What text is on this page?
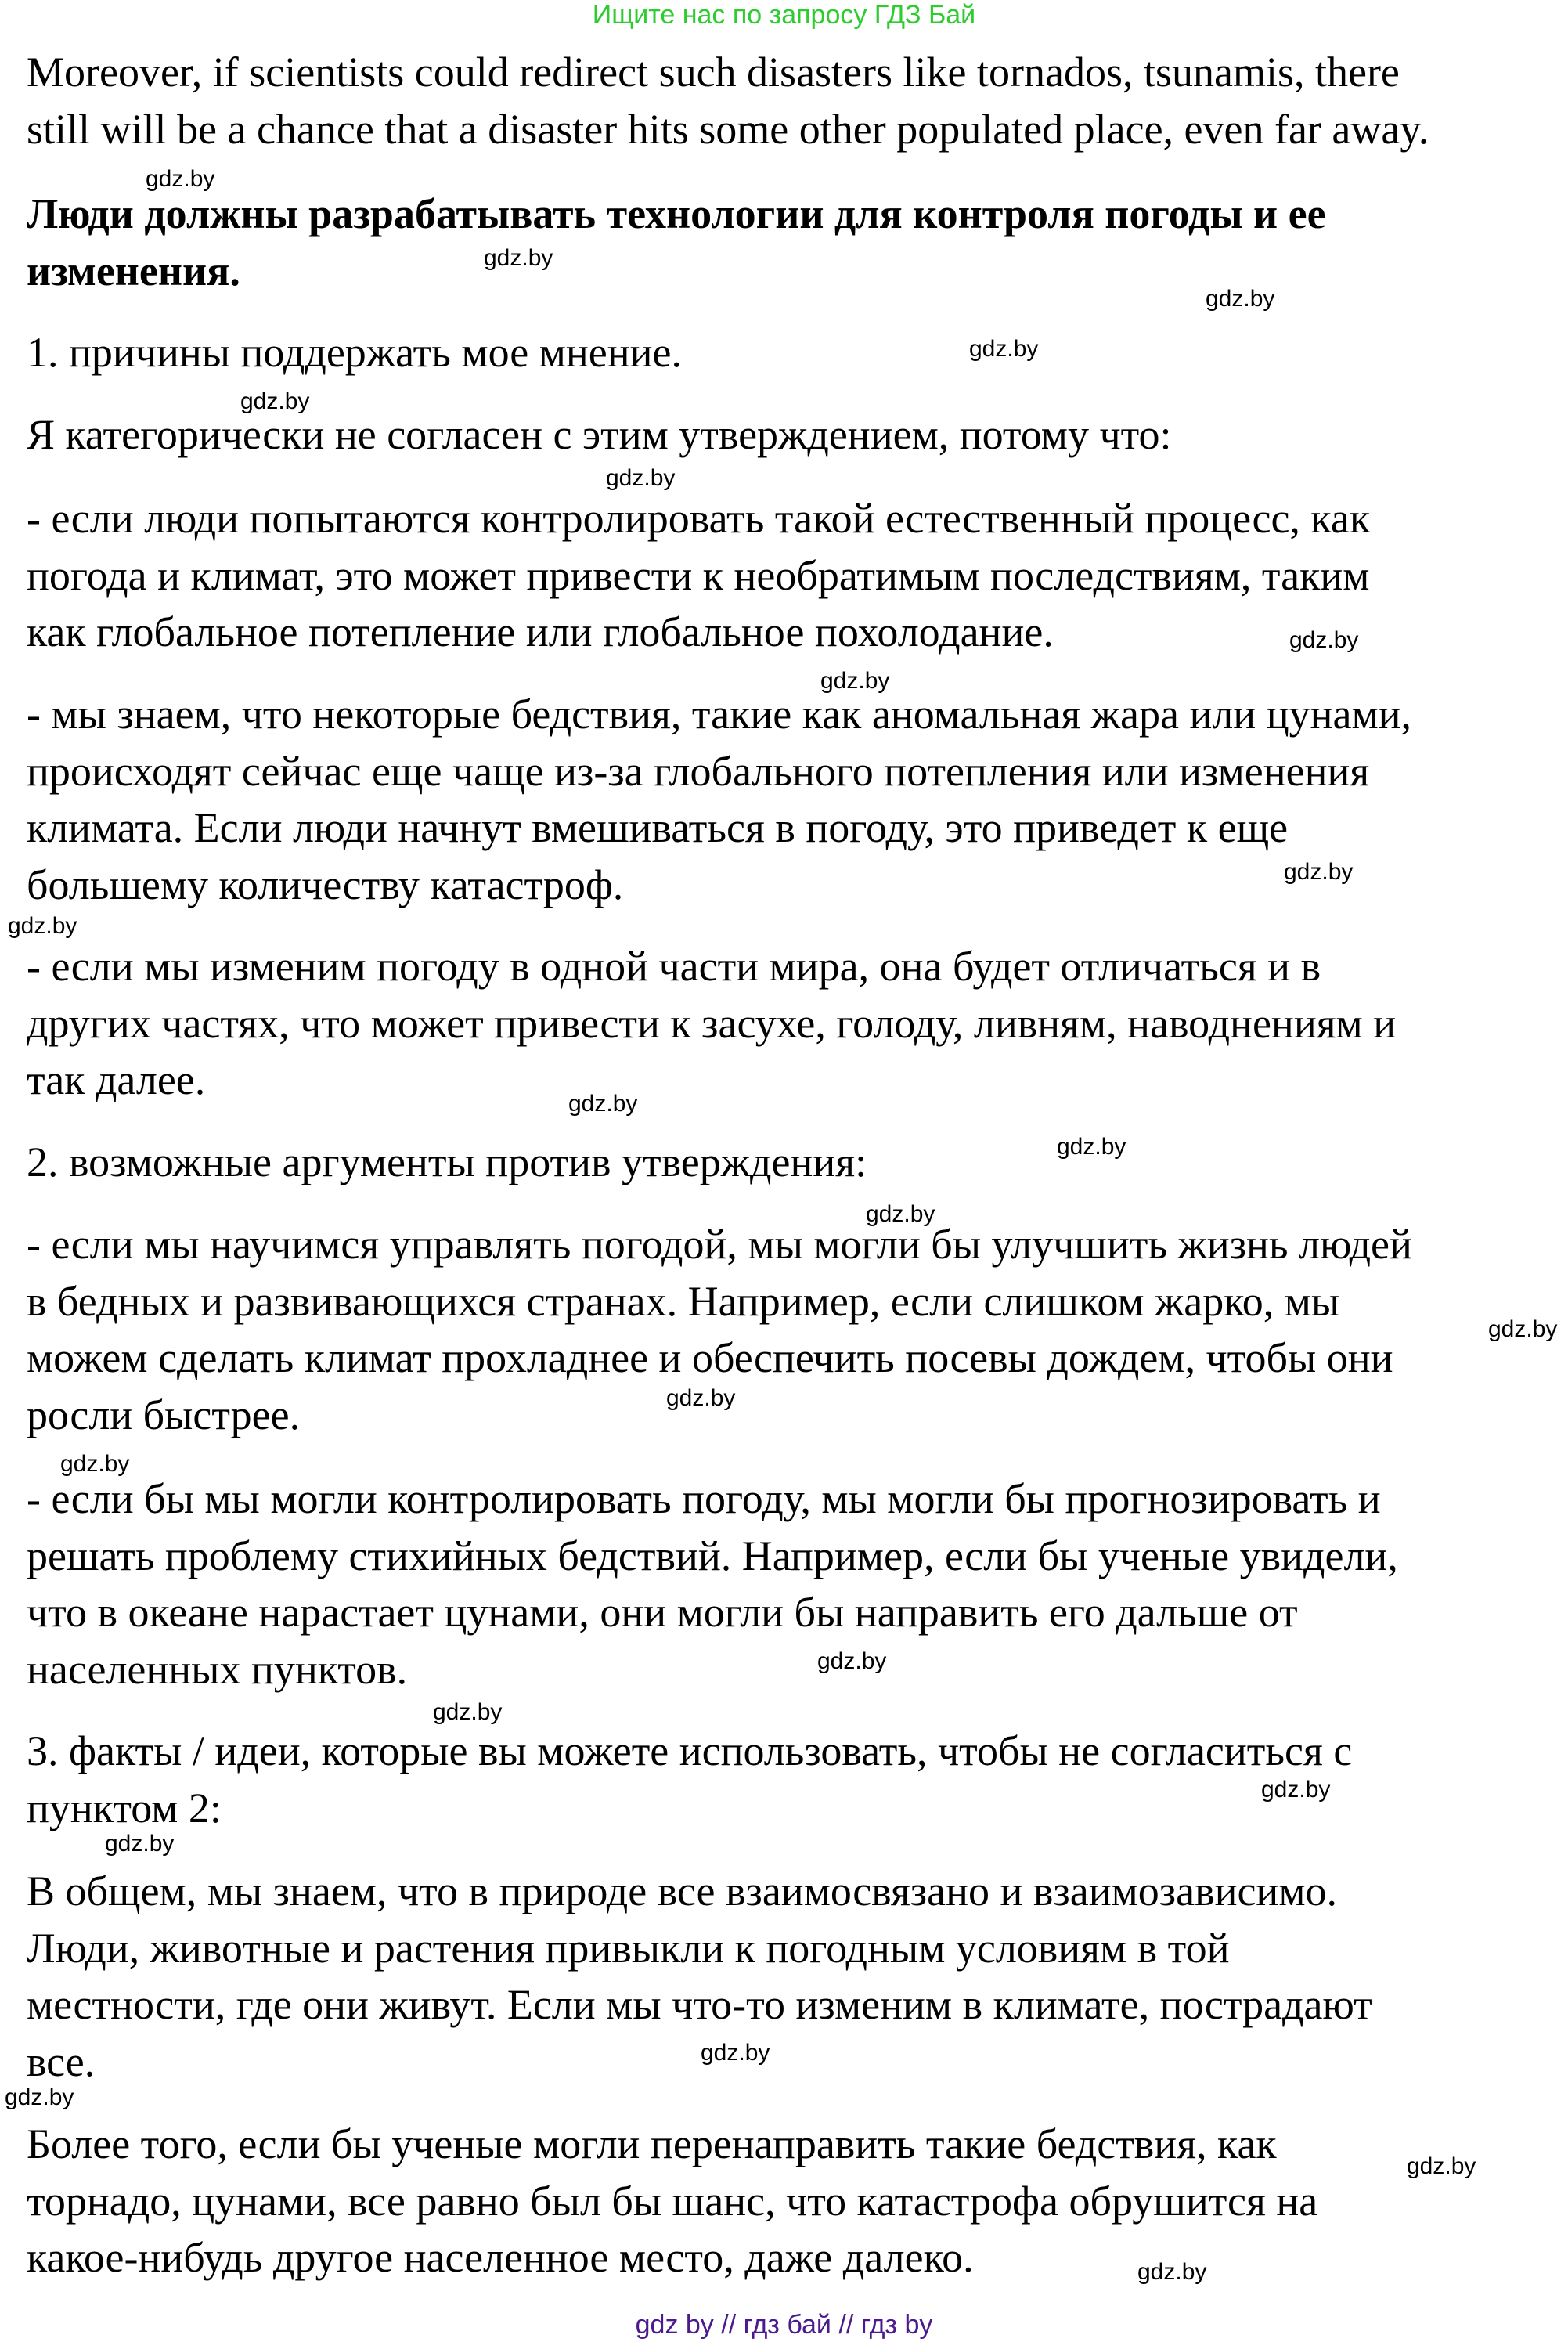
Ищите нас по запросу ГДЗ Бай
Moreover, if scientists could redirect such disasters like tornados, tsunamis, there
still will be a chance that a disaster hits some other populated place, even far away.
Люди должны разрабатывать технологии для контроля погоды и ее
изменения.
1. причины поддержать мое мнение.
Я категорически не согласен с этим утверждением, потому что:
- если люди попытаются контролировать такой естественный процесс, как
погода и климат, это может привести к необратимым последствиям, таким
как глобальное потепление или глобальное похолодание.
- мы знаем, что некоторые бедствия, такие как аномальная жара или цунами,
происходят сейчас еще чаще из-за глобального потепления или изменения
климата. Если люди начнут вмешиваться в погоду, это приведет к еще
большему количеству катастроф.
- если мы изменим погоду в одной части мира, она будет отличаться и в
других частях, что может привести к засухе, голоду, ливням, наводнениям и
так далее.
2. возможные аргументы против утверждения:
- если мы научимся управлять погодой, мы могли бы улучшить жизнь людей
в бедных и развивающихся странах. Например, если слишком жарко, мы
можем сделать климат прохладнее и обеспечить посевы дождем, чтобы они
росли быстрее.
- если бы мы могли контролировать погоду, мы могли бы прогнозировать и
решать проблему стихийных бедствий. Например, если бы ученые увидели,
что в океане нарастает цунами, они могли бы направить его дальше от
населенных пунктов.
3. факты / идеи, которые вы можете использовать, чтобы не согласиться с
пунктом 2:
В общем, мы знаем, что в природе все взаимосвязано и взаимозависимо.
Люди, животные и растения привыкли к погодным условиям в той
местности, где они живут. Если мы что-то изменим в климате, пострадают
все.
Более того, если бы ученые могли перенаправить такие бедствия, как
торнадо, цунами, все равно был бы шанс, что катастрофа обрушится на
какое-нибудь другое населенное место, даже далеко.
gdz.by
gdz.by
gdz.by
gdz.by
gdz.by
gdz.by
gdz.by
gdz.by
gdz.by
gdz.by
gdz.by
gdz.by
gdz.by
gdz.by
gdz.by
gdz.by
gdz.by
gdz.by
gdz.by
gdz.by
gdz.by
gdz.by
gdz.by
gdz.by
gdz by // гдз бай // гдз by
